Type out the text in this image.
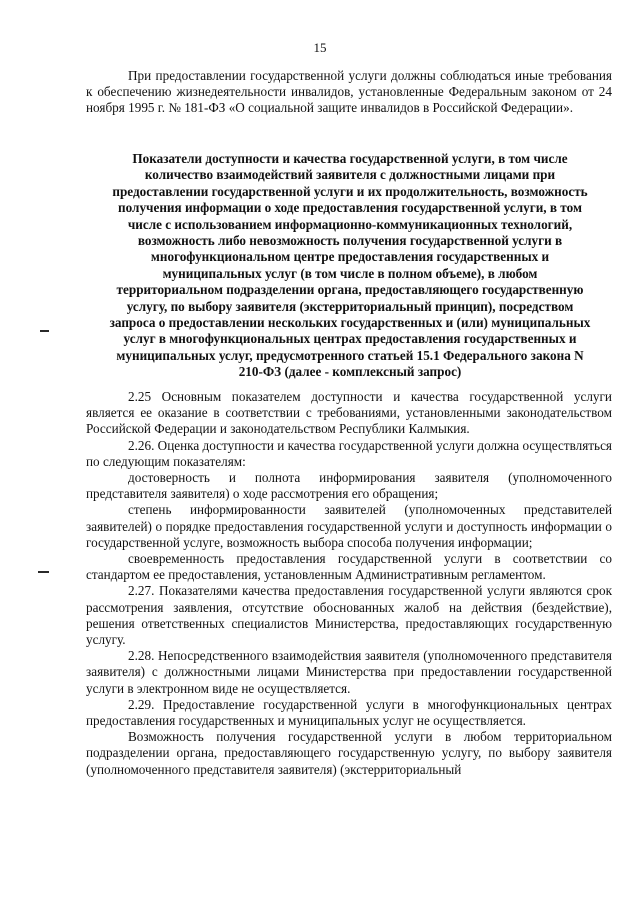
15

При предоставлении государственной услуги должны соблюдаться иные требования к обеспечению жизнедеятельности инвалидов, установленные Федеральным законом от 24 ноября 1995 г. № 181-ФЗ «О социальной защите инвалидов в Российской Федерации».

Показатели доступности и качества государственной услуги, в том числе количество взаимодействий заявителя с должностными лицами при предоставлении государственной услуги и их продолжительность, возможность получения информации о ходе предоставления государственной услуги, в том числе с использованием информационно-коммуникационных технологий, возможность либо невозможность получения государственной услуги в многофункциональном центре предоставления государственных и муниципальных услуг (в том числе в полном объеме), в любом территориальном подразделении органа, предоставляющего государственную услугу, по выбору заявителя (экстерриториальный принцип), посредством запроса о предоставлении нескольких государственных и (или) муниципальных услуг в многофункциональных центрах предоставления государственных и муниципальных услуг, предусмотренного статьей 15.1 Федерального закона N 210-ФЗ (далее - комплексный запрос)

2.25 Основным показателем доступности и качества государственной услуги является ее оказание в соответствии с требованиями, установленными законодательством Российской Федерации и законодательством Республики Калмыкия.

2.26. Оценка доступности и качества государственной услуги должна осуществляться по следующим показателям:

достоверность и полнота информирования заявителя (уполномоченного представителя заявителя) о ходе рассмотрения его обращения;

степень информированности заявителей (уполномоченных представителей заявителей) о порядке предоставления государственной услуги и доступность информации о государственной услуге, возможность выбора способа получения информации;

своевременность предоставления государственной услуги в соответствии со стандартом ее предоставления, установленным Административным регламентом.

2.27. Показателями качества предоставления государственной услуги являются срок рассмотрения заявления, отсутствие обоснованных жалоб на действия (бездействие), решения ответственных специалистов Министерства, предоставляющих государственную услугу.

2.28. Непосредственного взаимодействия заявителя (уполномоченного представителя заявителя) с должностными лицами Министерства при предоставлении государственной услуги в электронном виде не осуществляется.

2.29. Предоставление государственной услуги в многофункциональных центрах предоставления государственных и муниципальных услуг не осуществляется.

Возможность получения государственной услуги в любом территориальном подразделении органа, предоставляющего государственную услугу, по выбору заявителя (уполномоченного представителя заявителя) (экстерриториальный
